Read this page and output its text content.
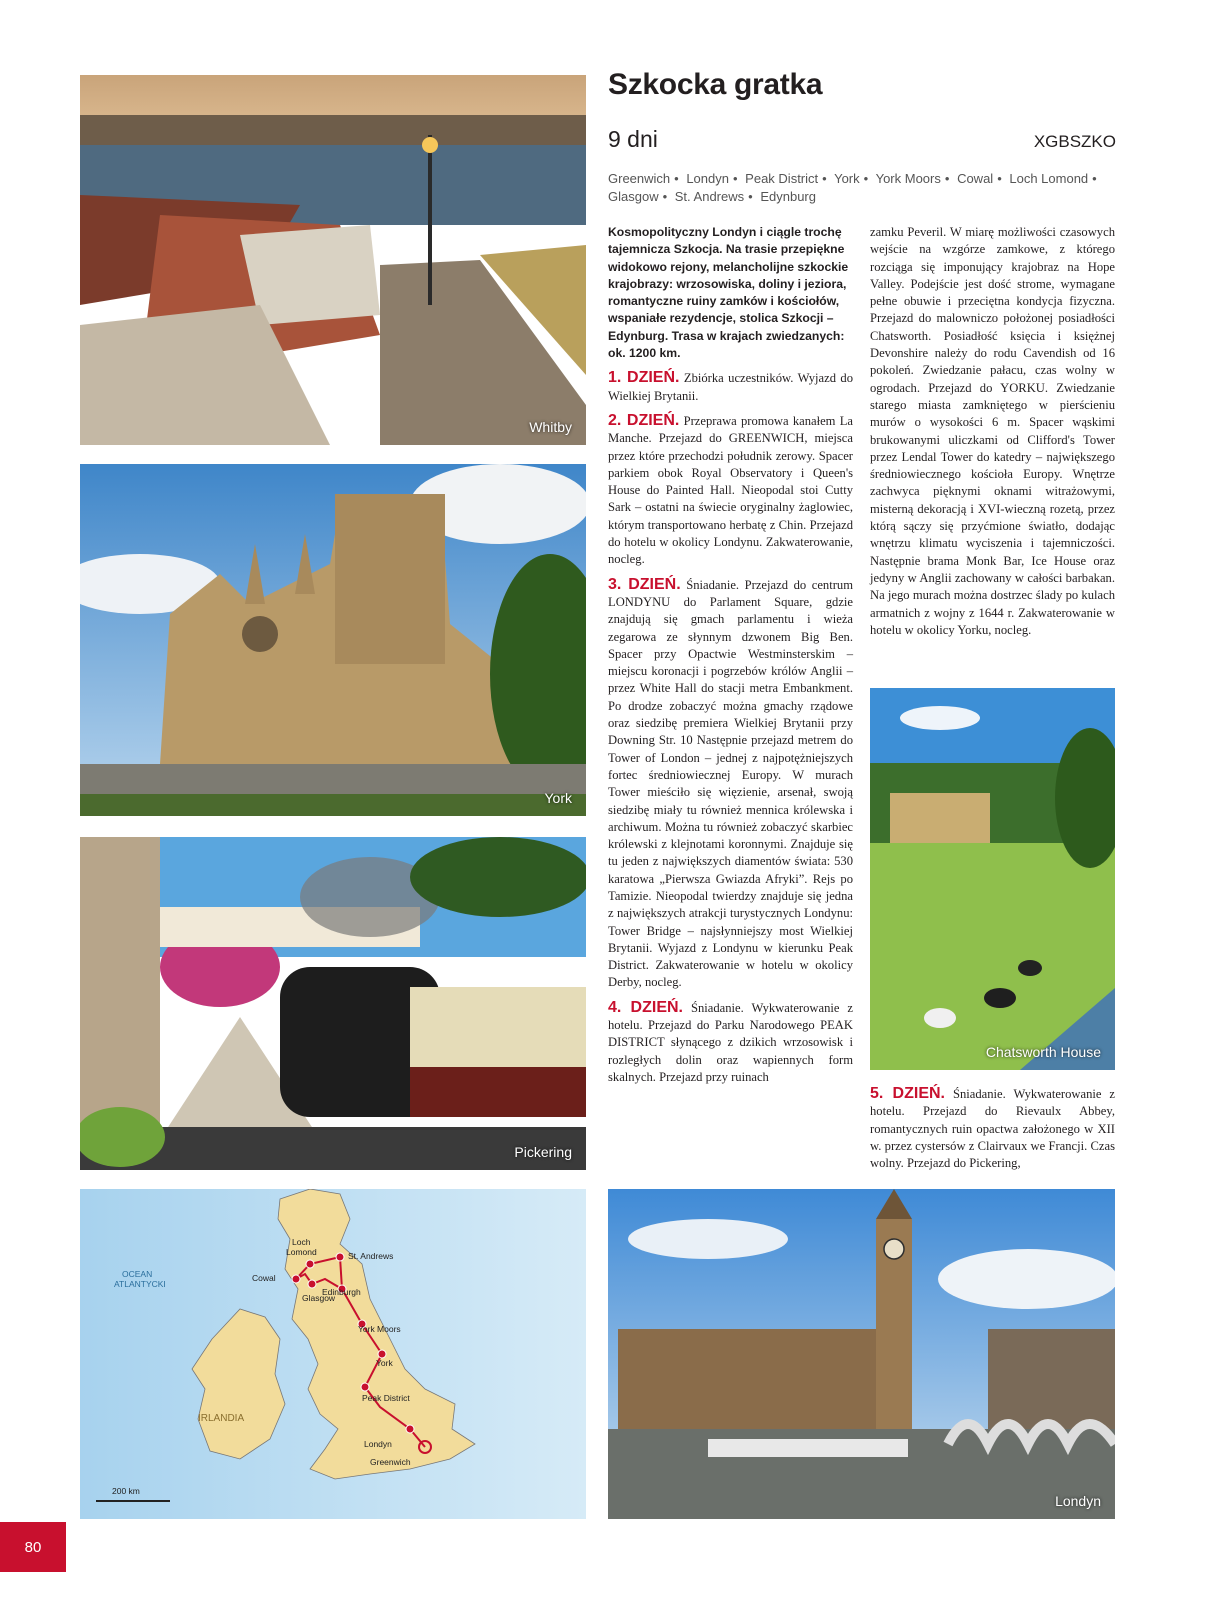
Whitby
York
Pickering
OCEAN
ATLANTYCKI
IRLANDIA
Loch
Lomond	St. Andrews
Cowal
Edinburgh
Glasgow
York Moors
York
Peak District
Londyn
Greenwich
200 km
Szkocka gratka
9 dni	XGBSZKO
Greenwich • Londyn • Peak District • York • York Moors • Cowal • Loch Lomond • Glasgow • St. Andrews • Edynburg

Kosmopolityczny Londyn i ciągle trochę tajemnicza Szkocja. Na trasie przepiękne widokowo rejony, melancholijne szkockie krajobrazy: wrzosowiska, doliny i jeziora, romantyczne ruiny zamków i kościołów, wspaniałe rezydencje, stolica Szkocji – Edynburg. Trasa w krajach zwiedzanych: ok. 1200 km.

1. DZIEŃ. Zbiórka uczestników. Wyjazd do Wielkiej Brytanii.

2. DZIEŃ. Przeprawa promowa kanałem La Manche. Przejazd do GREENWICH, miejsca przez które przechodzi południk zerowy. Spacer parkiem obok Royal Observatory i Queen's House do Painted Hall. Nieopodal stoi Cutty Sark – ostatni na świecie oryginalny żaglowiec, którym transportowano herbatę z Chin. Przejazd do hotelu w okolicy Londynu. Zakwaterowanie, nocleg.

3. DZIEŃ. Śniadanie. Przejazd do centrum LONDYNU do Parlament Square, gdzie znajdują się gmach parlamentu i wieża zegarowa ze słynnym dzwonem Big Ben. Spacer przy Opactwie Westminsterskim – miejscu koronacji i pogrzebów królów Anglii – przez White Hall do stacji metra Embankment. Po drodze zobaczyć można gmachy rządowe oraz siedzibę premiera Wielkiej Brytanii przy Downing Str. 10 Następnie przejazd metrem do Tower of London – jednej z najpotężniejszych fortec średniowiecznej Europy. W murach Tower mieściło się więzienie, arsenał, swoją siedzibę miały tu również mennica królewska i archiwum. Można tu również zobaczyć skarbiec królewski z klejnotami koronnymi. Znajduje się tu jeden z największych diamentów świata: 530 karatowa „Pierwsza Gwiazda Afryki”. Rejs po Tamizie. Nieopodal twierdzy znajduje się jedna z największych atrakcji turystycznych Londynu: Tower Bridge – najsłynniejszy most Wielkiej Brytanii. Wyjazd z Londynu w kierunku Peak District. Zakwaterowanie w hotelu w okolicy Derby, nocleg.

4. DZIEŃ. Śniadanie. Wykwaterowanie z hotelu. Przejazd do Parku Narodowego PEAK DISTRICT słynącego z dzikich wrzosowisk i rozległych dolin oraz wapiennych form skalnych. Przejazd przy ruinach

zamku Peveril. W miarę możliwości czasowych wejście na wzgórze zamkowe, z którego rozciąga się imponujący krajobraz na Hope Valley. Podejście jest dość strome, wymagane pełne obuwie i przeciętna kondycja fizyczna. Przejazd do malowniczo położonej posiadłości Chatsworth. Posiadłość księcia i księżnej Devonshire należy do rodu Cavendish od 16 pokoleń. Zwiedzanie pałacu, czas wolny w ogrodach. Przejazd do YORKU. Zwiedzanie starego miasta zamkniętego w pierścieniu murów o wysokości 6 m. Spacer wąskimi brukowanymi uliczkami od Clifford's Tower przez Lendal Tower do katedry – największego średniowiecznego kościoła Europy. Wnętrze zachwyca pięknymi oknami witrażowymi, misterną dekoracją i XVI-wieczną rozetą, przez którą sączy się przyćmione światło, dodając wnętrzu klimatu wyciszenia i tajemniczości. Następnie brama Monk Bar, Ice House oraz jedyny w Anglii zachowany w całości barbakan. Na jego murach można dostrzec ślady po kulach armatnich z wojny z 1644 r. Zakwaterowanie w hotelu w okolicy Yorku, nocleg.

Chatsworth House

5. DZIEŃ. Śniadanie. Wykwaterowanie z hotelu. Przejazd do Rievaulx Abbey, romantycznych ruin opactwa założonego w XII w. przez cystersów z Clairvaux we Francji. Czas wolny. Przejazd do Pickering,

Londyn
80
